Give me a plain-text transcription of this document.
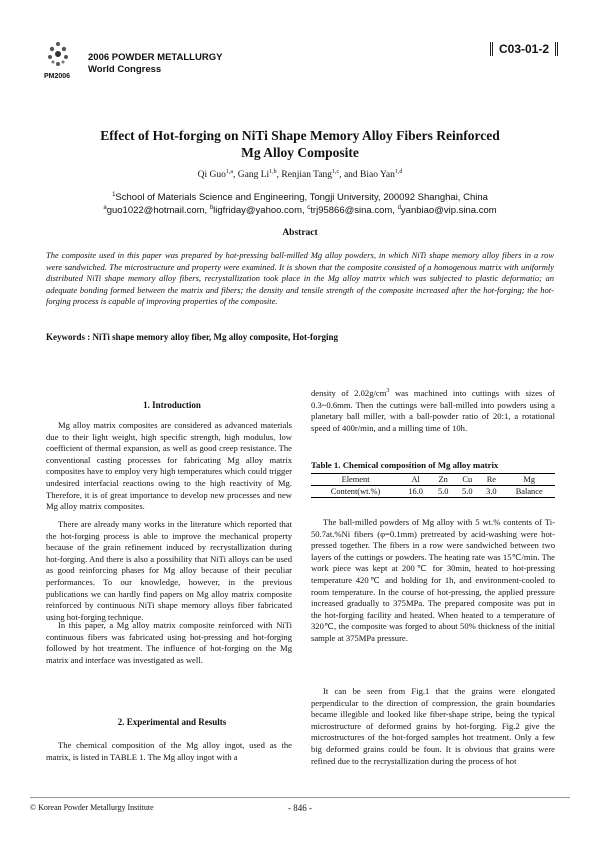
PM2006
2006 POWDER METALLURGY
World Congress
C03-01-2
Effect of Hot-forging on NiTi Shape Memory Alloy Fibers Reinforced
Mg Alloy Composite
Qi Guo$^{1,a}$, Gang Li$^{1,b}$, Renjian Tang$^{1,c}$, and Biao Yan$^{1,d}$
$^1$School of Materials Science and Engineering, Tongji University, 200092 Shanghai, China
$^a$guo1022@hotmail.com, $^b$ligfriday@yahoo.com, $^c$trj95866@sina.com, $^d$yanbiao@vip.sina.com
Abstract

The composite used in this paper was prepared by hot-pressing ball-milled Mg alloy powders, in which NiTi shape memory alloy fibers in a row were sandwiched. The microstructure and property were examined. It is shown that the composite consisted of a homogenous matrix with uniformly distributed NiTi shape memory alloy fibers, recrystallization took place in the Mg alloy matrix which was subjected to plastic deformatio; an adequate bonding formed between the matrix and fibers; the density and tensile strength of the composite increased after the hot-forging; the hot-forging process is capable of improving properties of the composite.

Keywords : NiTi shape memory alloy fiber, Mg alloy composite, Hot-forging
1. Introduction

Mg alloy matrix composites are considered as advanced materials due to their light weight, high specific strength, high modulus, low coefficient of thermal expansion, as well as good creep resistance. The conventional casting processes for fabricating Mg alloy matrix composites have to employ very high temperatures which could trigger undesired interfacial reactions owing to the high reactivity of Mg. Therefore, it is of great importance to develop new processes and new Mg alloy matrix composites.

There are already many works in the literature which reported that the hot-forging process is able to improve the mechanical property because of the grain refinement induced by recrystallization during hot-forging. And there is also a possibility that NiTi alloys can be used as good reinforcing phases for Mg alloy because of their peculiar performances. To our knowledge, however, in the previous publications we can hardly find papers on Mg alloy matrix composite reinforced by continuous NiTi shape memory alloys fiber fabricated using hot-forging technique.

In this paper, a Mg alloy matrix composite reinforced with NiTi continuous fibers was fabricated using hot-pressing and hot-forging followed by hot treatment. The influence of hot-forging on the Mg matrix and interface was investigated as well.

2. Experimental and Results

The chemical composition of the Mg alloy ingot, used as the matrix, is listed in TABLE 1. The Mg alloy ingot with a

density of $2.02g/cm^3$ was machined into cuttings with sizes of 0.3~0.6mm. Then the cuttings were ball-milled into powders using a planetary ball miller, with a ball-powder ratio of 20:1, a rotational speed of 400r/min, and a milling time of 10h.

Table 1. Chemical composition of Mg alloy matrix
Element	Al	Zn	Cu	Re	Mg
Content(wt.%)	16.0	5.0	5.0	3.0	Balance

The ball-milled powders of Mg alloy with 5 wt.% contents of Ti-50.7at.%Ni fibers (φ=0.1mm) pretreated by acid-washing were hot-pressed together. The fibers in a row were sandwiched between two layers of the cuttings or powders. The heating rate was 15℃/min. The work piece was kept at 200℃ for 30min, heated to hot-pressing temperature 420℃ and holding for 1h, and environment-cooled to room temperature. In the course of hot-pressing, the applied pressure increased gradually to 375MPa. The prepared composite was put in the hot-forging facility and heated. When heated to a temperature of 320℃, the composite was forged to about 50% thickness of the initial sample at 375MPa pressure.

It can be seen from Fig.1 that the grains were elongated perpendicular to the direction of compression, the grain boundaries became illegible and looked like fiber-shape stripe, being the typical microstructure of deformed grains by hot-forging. Fig.2 give the microstructures of the hot-forged samples hot treatment. Only a few big deformed grains could be foun. It is obvious that grains were refined due to the recrystallization during the process of hot

© Korean Powder Metallurgy Institute	- 846 -
